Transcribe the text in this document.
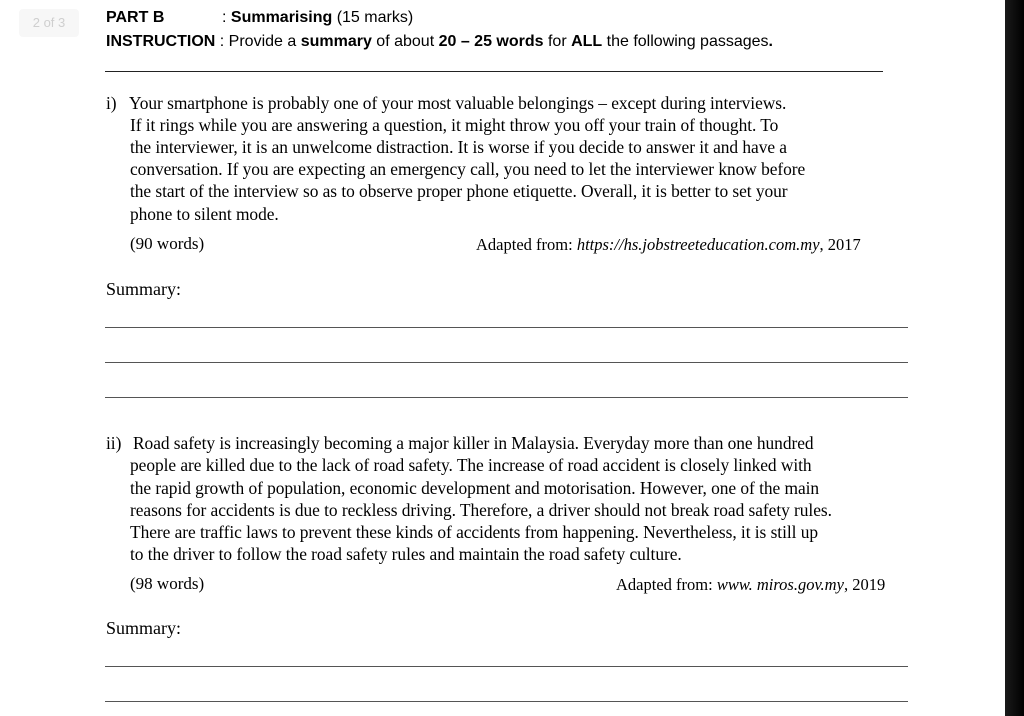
2 of 3	PART B	: Summarising (15 marks)
INSTRUCTION : Provide a summary of about 20 – 25 words for ALL the following passages.
i) Your smartphone is probably one of your most valuable belongings – except during interviews.
If it rings while you are answering a question, it might throw you off your train of thought. To
the interviewer, it is an unwelcome distraction. It is worse if you decide to answer it and have a
conversation. If you are expecting an emergency call, you need to let the interviewer know before
the start of the interview so as to observe proper phone etiquette. Overall, it is better to set your
phone to silent mode.
(90 words)	Adapted from: https://hs.jobstreeteducation.com.my, 2017
Summary:
ii) Road safety is increasingly becoming a major killer in Malaysia. Everyday more than one hundred
people are killed due to the lack of road safety. The increase of road accident is closely linked with
the rapid growth of population, economic development and motorisation. However, one of the main
reasons for accidents is due to reckless driving. Therefore, a driver should not break road safety rules.
There are traffic laws to prevent these kinds of accidents from happening. Nevertheless, it is still up
to the driver to follow the road safety rules and maintain the road safety culture.
(98 words)	Adapted from: www. miros.gov.my, 2019
Summary:
